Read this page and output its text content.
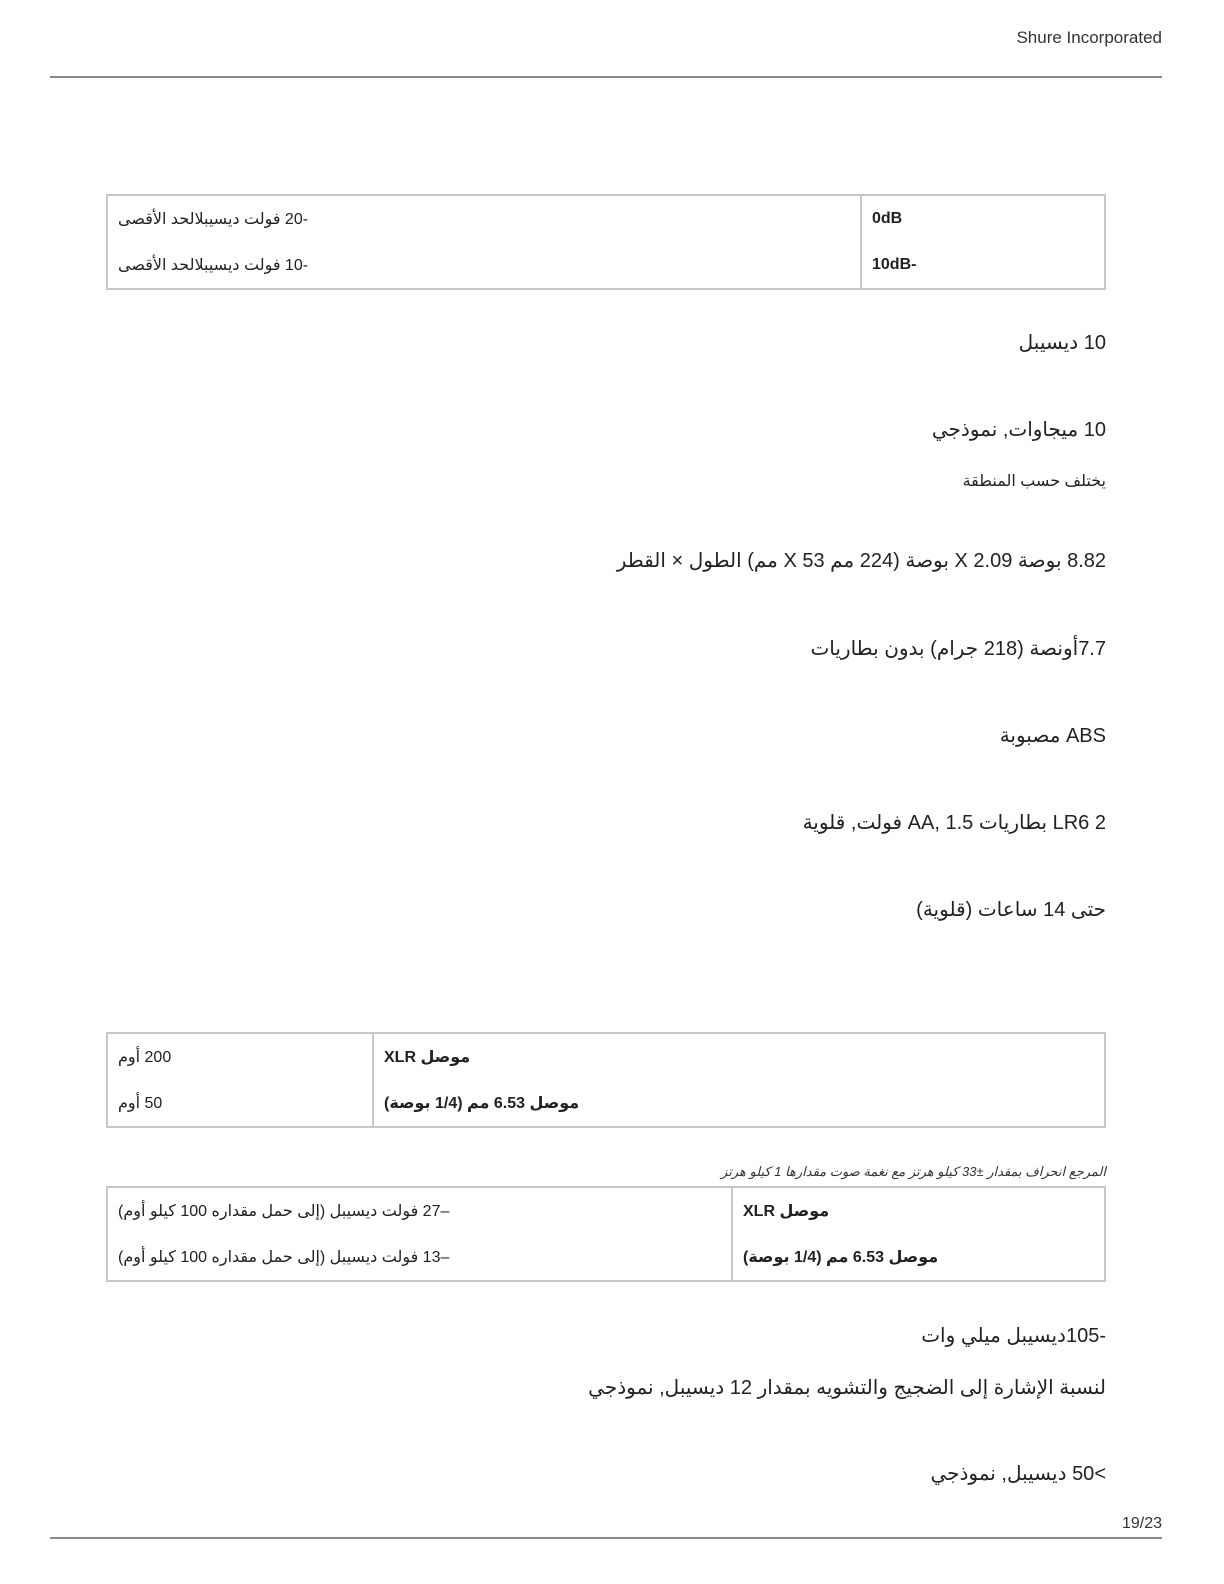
Shure Incorporated
-20 فولت ديسيبلالحد الأقصى	0dB
-10 فولت ديسيبلالحد الأقصى	10dB-
10 ديسيبل
10 ميجاوات, نموذجي
يختلف حسب المنطقة
8.82 بوصة X 2.09 بوصة (224 مم X 53 مم) الطول × القطر
7.7أونصة (218 جرام) بدون بطاريات
ABS مصبوبة
2 LR6 بطاريات AA, 1.5 فولت, قلوية
حتى 14 ساعات (قلوية)
200 أوم	موصل XLR
50 أوم	موصل 6.53 مم (1/4 بوصة)
المرجع انحراف بمقدار ±33 كيلو هرتز مع نغمة صوت مقدارها 1 كيلو هرتز
–27 فولت ديسيبل (إلى حمل مقداره 100 كيلو أوم)	موصل XLR
–13 فولت ديسيبل (إلى حمل مقداره 100 كيلو أوم)	موصل 6.53 مم (1/4 بوصة)
-105ديسيبل ميلي وات
لنسبة الإشارة إلى الضجيج والتشويه بمقدار 12 ديسيبل, نموذجي
>50 ديسيبل, نموذجي
19/23
